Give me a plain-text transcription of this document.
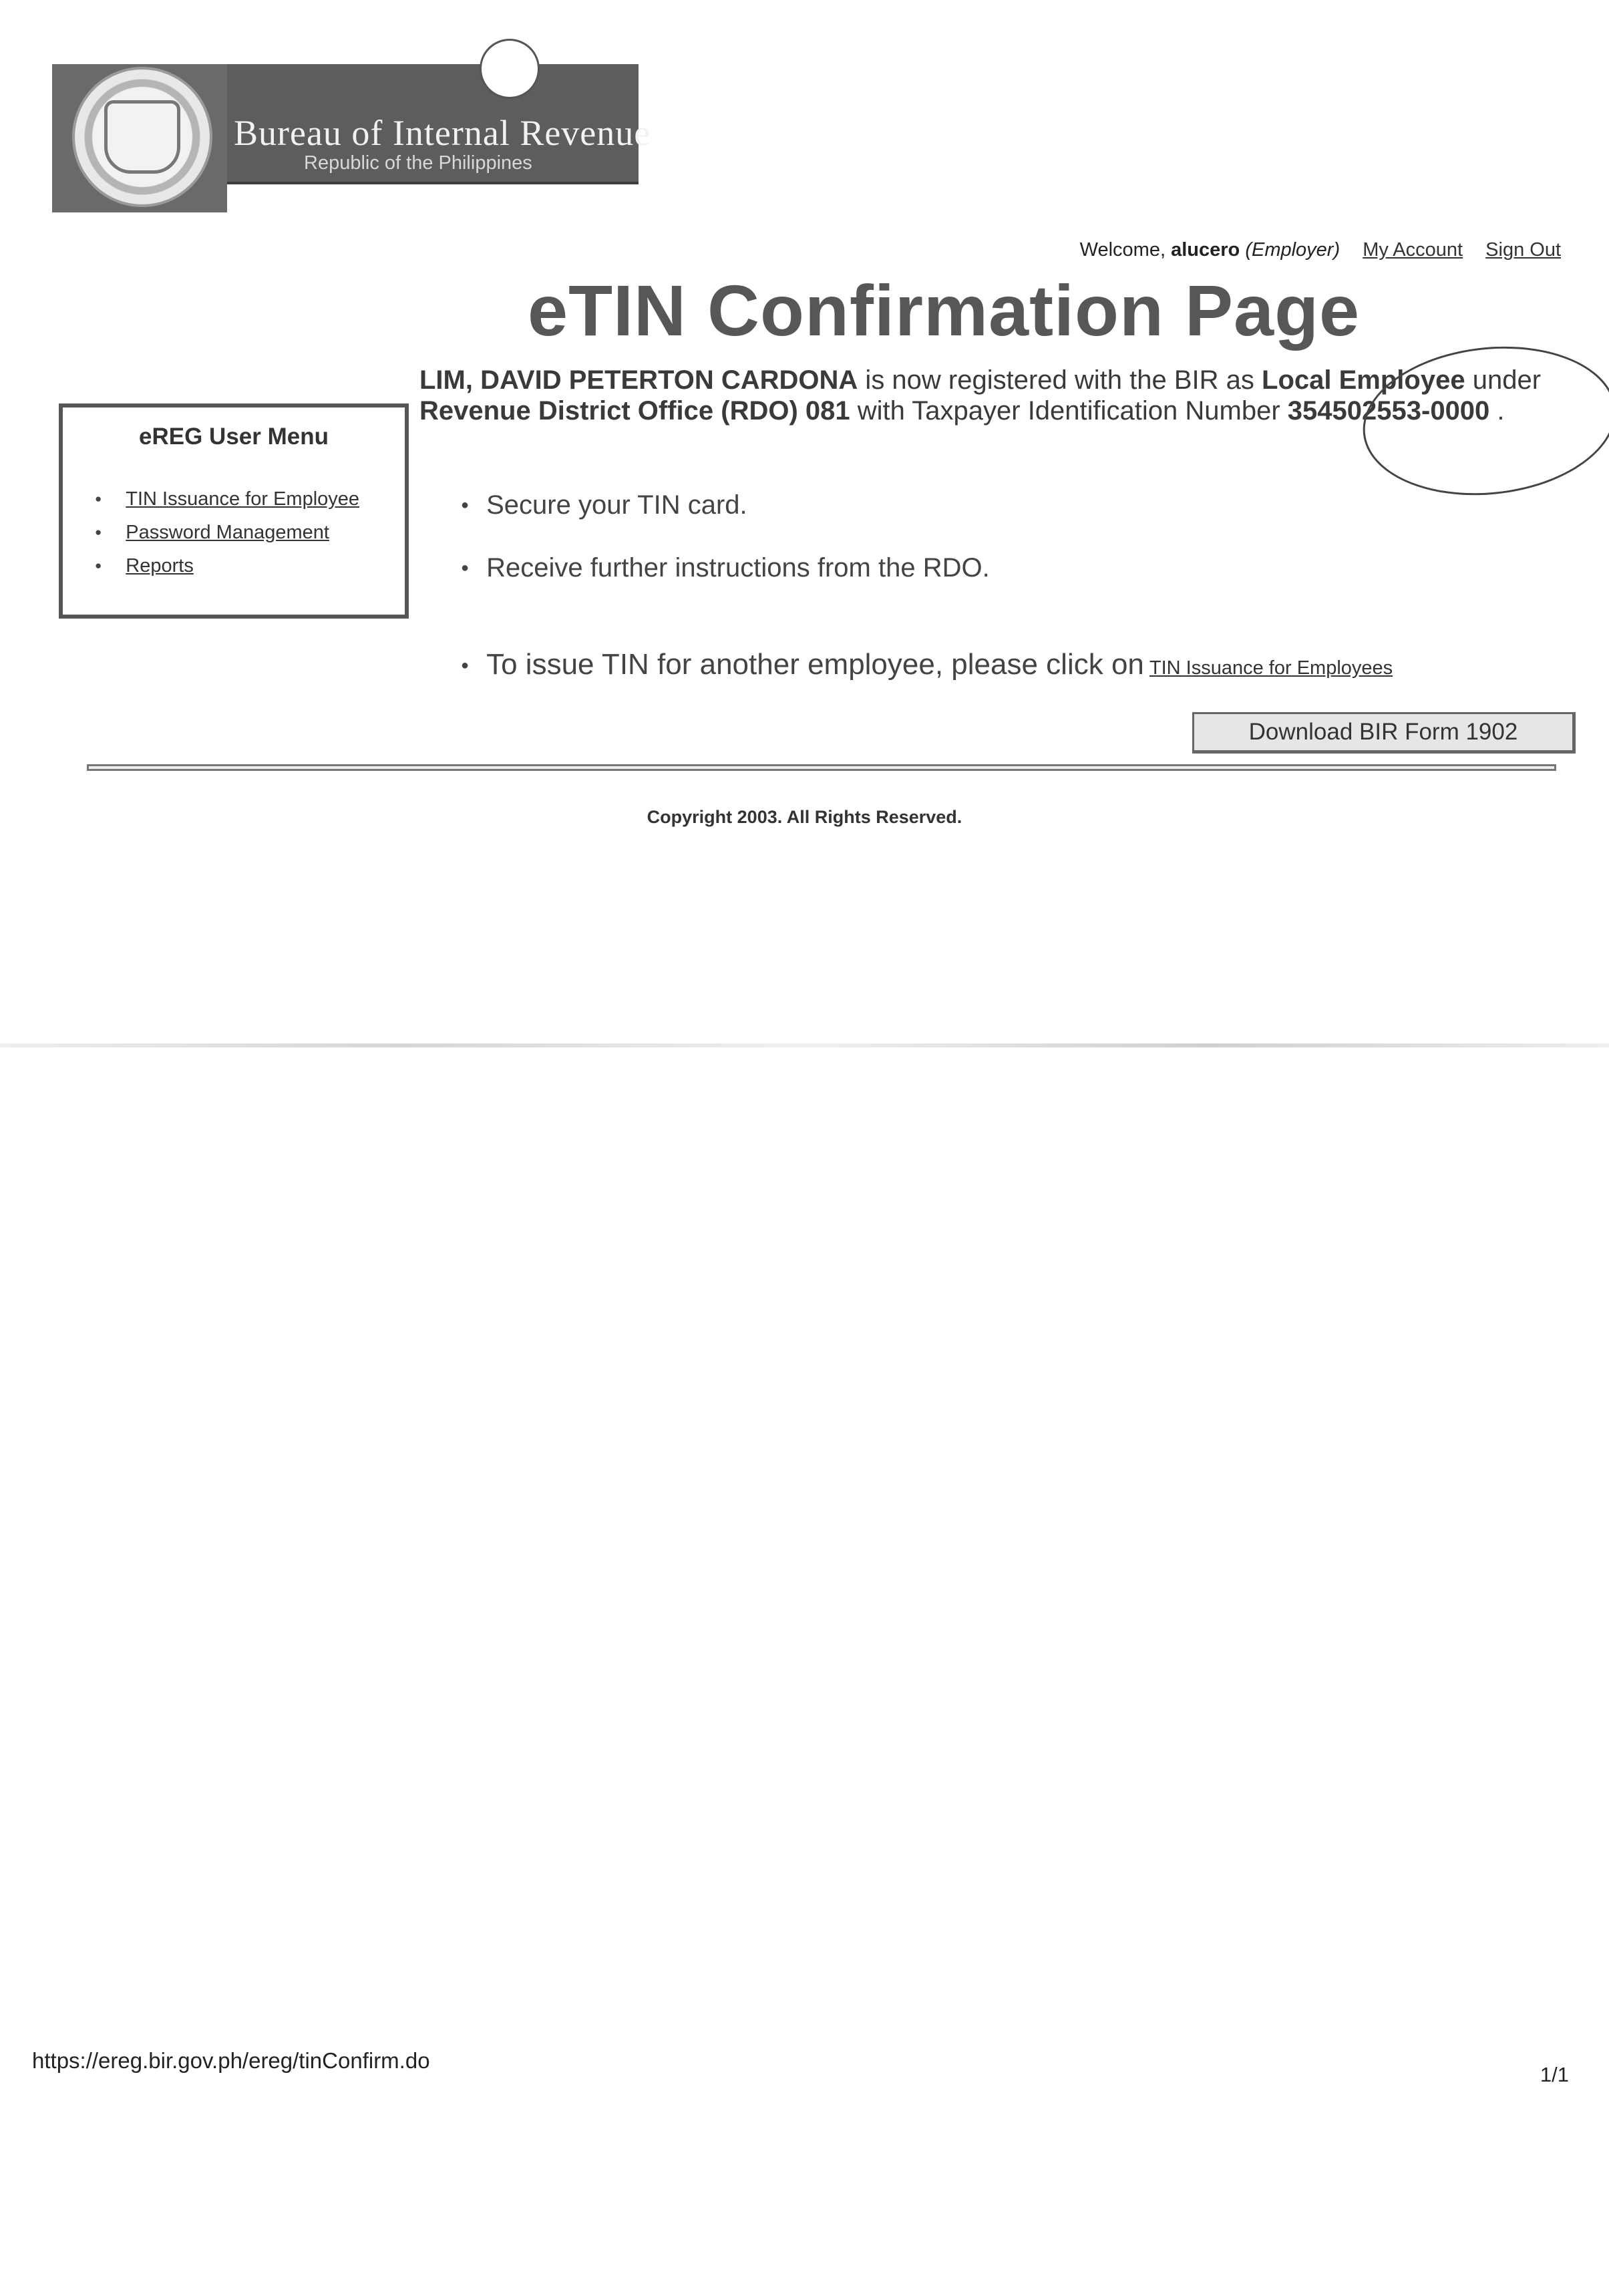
Bureau of Internal Revenue
Republic of the Philippines
Welcome, alucero (Employer) My Account Sign Out
eTIN Confirmation Page
LIM, DAVID PETERTON CARDONA is now registered with the BIR as Local Employee under Revenue District Office (RDO) 081 with Taxpayer Identification Number 354502553-0000 .
eREG User Menu
● TIN Issuance for Employee
● Password Management
● Reports
● Secure your TIN card.
● Receive further instructions from the RDO.
● To issue TIN for another employee, please click on TIN Issuance for Employees
Download BIR Form 1902
Copyright 2003. All Rights Reserved.
https://ereg.bir.gov.ph/ereg/tinConfirm.do
1/1
